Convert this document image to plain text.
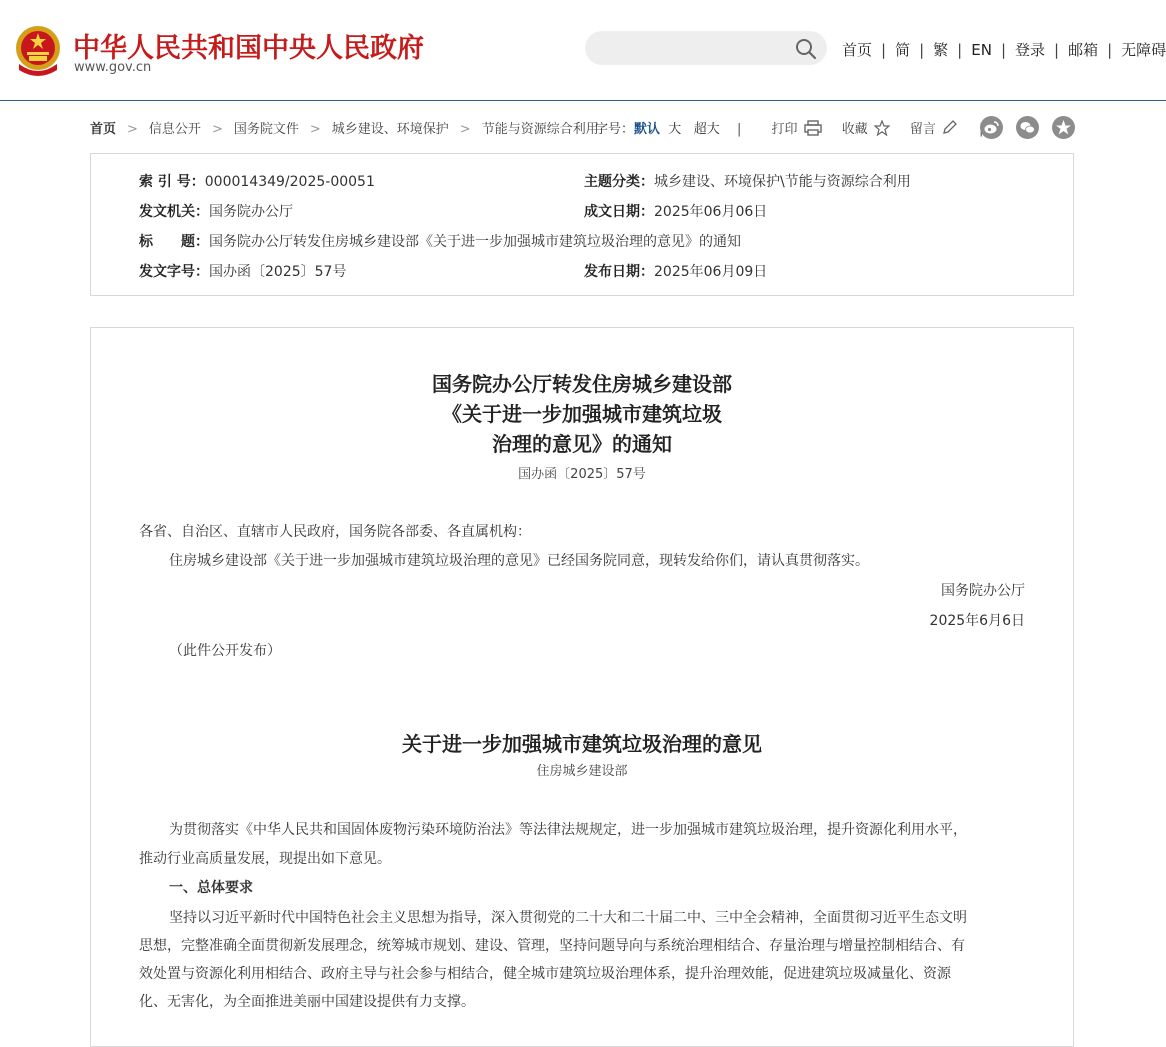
中华人民共和国中央人民政府
www.gov.cn
首页 | 简 | 繁 | EN | 登录 | 邮箱 | 无障碍
首页 > 信息公开 > 国务院文件 > 城乡建设、环境保护 > 节能与资源综合利用
字号：默认 大 超大 | 打印
	收藏
	留言
索 引 号：000014349/2025-00051	主题分类：城乡建设、环境保护\节能与资源综合利用
发文机关：国务院办公厅	成文日期：2025年06月06日
标　　题：国务院办公厅转发住房城乡建设部《关于进一步加强城市建筑垃圾治理的意见》的通知
发文字号：国办函〔2025〕57号	发布日期：2025年06月09日
国务院办公厅转发住房城乡建设部
《关于进一步加强城市建筑垃圾
治理的意见》的通知
国办函〔2025〕57号
各省、自治区、直辖市人民政府，国务院各部委、各直属机构：
住房城乡建设部《关于进一步加强城市建筑垃圾治理的意见》已经国务院同意，现转发给你们，请认真贯彻落实。
国务院办公厅
2025年6月6日
（此件公开发布）
关于进一步加强城市建筑垃圾治理的意见
住房城乡建设部
为贯彻落实《中华人民共和国固体废物污染环境防治法》等法律法规规定，进一步加强城市建筑垃圾治理，提升资源化利用水平，
推动行业高质量发展，现提出如下意见。
一、总体要求
坚持以习近平新时代中国特色社会主义思想为指导，深入贯彻党的二十大和二十届二中、三中全会精神，全面贯彻习近平生态文明
思想，完整准确全面贯彻新发展理念，统筹城市规划、建设、管理，坚持问题导向与系统治理相结合、存量治理与增量控制相结合、有
效处置与资源化利用相结合、政府主导与社会参与相结合，健全城市建筑垃圾治理体系，提升治理效能，促进建筑垃圾减量化、资源
化、无害化，为全面推进美丽中国建设提供有力支撑。
